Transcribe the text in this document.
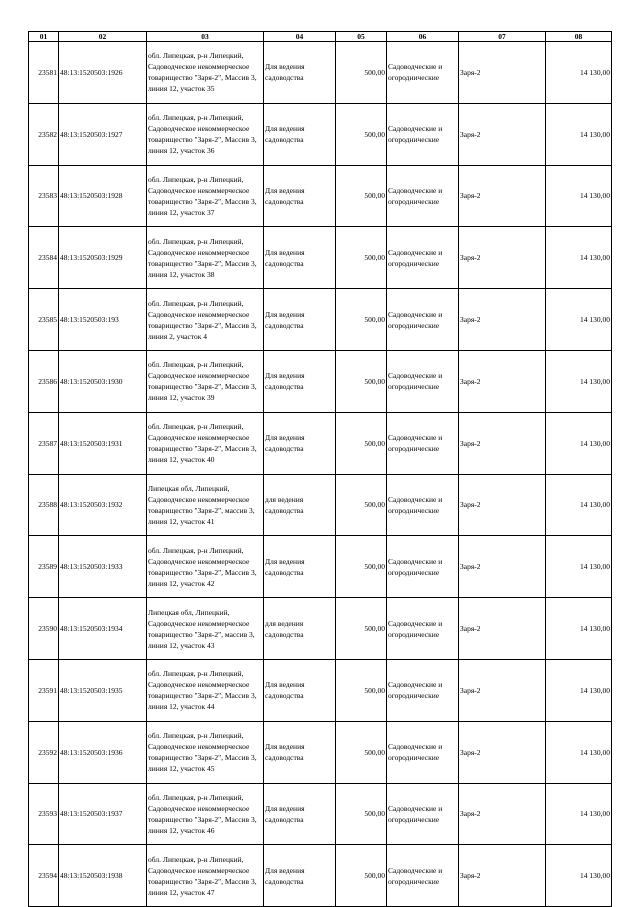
01	02	03	04	05	06	07	08
23581	48:13:1520503:1926	обл. Липецкая, р-н Липецкий, Садоводческое некоммерческое товарищество "Заря-2", Массив 3, линия 12, участок 35	Для ведения садоводства	500,00	Садоводческие и огороднические	Заря-2	14 130,00
23582	48:13:1520503:1927	обл. Липецкая, р-н Липецкий, Садоводческое некоммерческое товарищество "Заря-2", Массив 3, линия 12, участок 36	Для ведения садоводства	500,00	Садоводческие и огороднические	Заря-2	14 130,00
23583	48:13:1520503:1928	обл. Липецкая, р-н Липецкий, Садоводческое некоммерческое товарищество "Заря-2", Массив 3, линия 12, участок 37	Для ведения садоводства	500,00	Садоводческие и огороднические	Заря-2	14 130,00
23584	48:13:1520503:1929	обл. Липецкая, р-н Липецкий, Садоводческое некоммерческое товарищество "Заря-2", Массив 3, линия 12, участок 38	Для ведения садоводства	500,00	Садоводческие и огороднические	Заря-2	14 130,00
23585	48:13:1520503:193	обл. Липецкая, р-н Липецкий, Садоводческое некоммерческое товарищество "Заря-2", Массив 3, линия 2, участок 4	Для ведения садоводства	500,00	Садоводческие и огороднические	Заря-2	14 130,00
23586	48:13:1520503:1930	обл. Липецкая, р-н Липецкий, Садоводческое некоммерческое товарищество "Заря-2", Массив 3, линия 12, участок 39	Для ведения садоводства	500,00	Садоводческие и огороднические	Заря-2	14 130,00
23587	48:13:1520503:1931	обл. Липецкая, р-н Липецкий, Садоводческое некоммерческое товарищество "Заря-2", Массив 3, линия 12, участок 40	Для ведения садоводства	500,00	Садоводческие и огороднические	Заря-2	14 130,00
23588	48:13:1520503:1932	Липецкая обл, Липецкий, Садоводческое некоммерческое товарищество "Заря-2", массив 3, линия 12, участок 41	для ведения садоводства	500,00	Садоводческие и огороднические	Заря-2	14 130,00
23589	48:13:1520503:1933	обл. Липецкая, р-н Липецкий, Садоводческое некоммерческое товарищество "Заря-2", Массив 3, линия 12, участок 42	Для ведения садоводства	500,00	Садоводческие и огороднические	Заря-2	14 130,00
23590	48:13:1520503:1934	Липецкая обл, Липецкий, Садоводческое некоммерческое товарищество "Заря-2", массив 3, линия 12, участок 43	для ведения садоводства	500,00	Садоводческие и огороднические	Заря-2	14 130,00
23591	48:13:1520503:1935	обл. Липецкая, р-н Липецкий, Садоводческое некоммерческое товарищество "Заря-2", Массив 3, линия 12, участок 44	Для ведения садоводства	500,00	Садоводческие и огороднические	Заря-2	14 130,00
23592	48:13:1520503:1936	обл. Липецкая, р-н Липецкий, Садоводческое некоммерческое товарищество "Заря-2", Массив 3, линия 12, участок 45	Для ведения садоводства	500,00	Садоводческие и огороднические	Заря-2	14 130,00
23593	48:13:1520503:1937	обл. Липецкая, р-н Липецкий, Садоводческое некоммерческое товарищество "Заря-2", Массив 3, линия 12, участок 46	Для ведения садоводства	500,00	Садоводческие и огороднические	Заря-2	14 130,00
23594	48:13:1520503:1938	обл. Липецкая, р-н Липецкий, Садоводческое некоммерческое товарищество "Заря-2", Массив 3, линия 12, участок 47	Для ведения садоводства	500,00	Садоводческие и огороднические	Заря-2	14 130,00
